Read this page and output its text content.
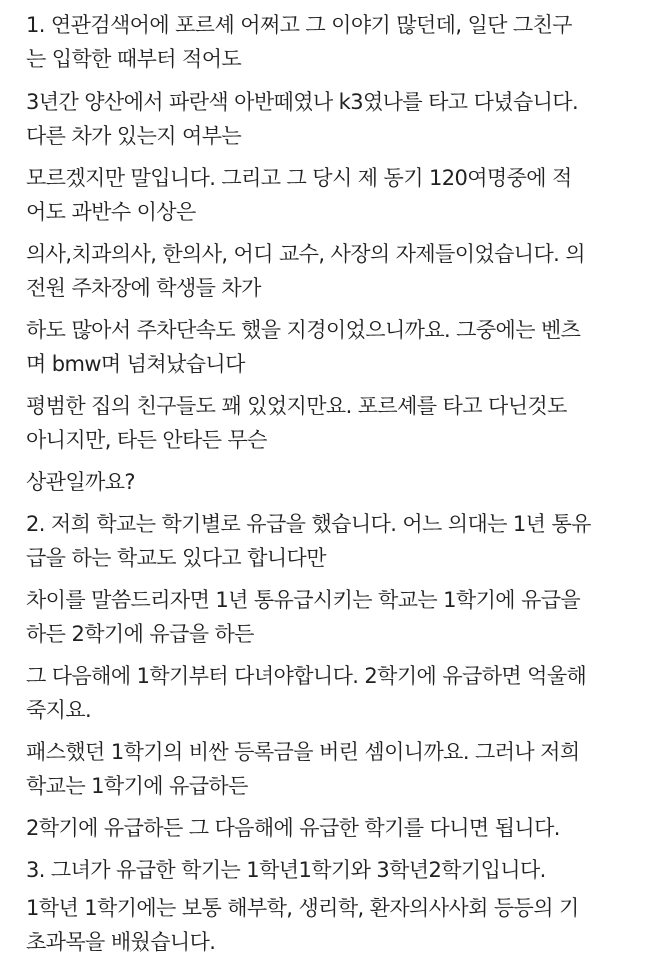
1. 연관검색어에 포르셰 어쩌고 그 이야기 많던데, 일단 그친구
는 입학한 때부터 적어도
3년간 양산에서 파란색 아반떼였나 k3였나를 타고 다녔습니다.
다른 차가 있는지 여부는
모르겠지만 말입니다. 그리고 그 당시 제 동기 120여명중에 적
어도 과반수 이상은
의사,치과의사, 한의사, 어디 교수, 사장의 자제들이었습니다. 의
전원 주차장에 학생들 차가
하도 많아서 주차단속도 했을 지경이었으니까요. 그중에는 벤츠
며 bmw며 넘쳐났습니다
평범한 집의 친구들도 꽤 있었지만요. 포르셰를 타고 다닌것도
아니지만, 타든 안타든 무슨
상관일까요?
2. 저희 학교는 학기별로 유급을 했습니다. 어느 의대는 1년 통유
급을 하는 학교도 있다고 합니다만
차이를 말씀드리자면 1년 통유급시키는 학교는 1학기에 유급을
하든 2학기에 유급을 하든
그 다음해에 1학기부터 다녀야합니다. 2학기에 유급하면 억울해
죽지요.
패스했던 1학기의 비싼 등록금을 버린 셈이니까요. 그러나 저희
학교는 1학기에 유급하든
2학기에 유급하든 그 다음해에 유급한 학기를 다니면 됩니다.
3. 그녀가 유급한 학기는 1학년1학기와 3학년2학기입니다.
1학년 1학기에는 보통 해부학, 생리학, 환자의사사회 등등의 기
초과목을 배웠습니다.
